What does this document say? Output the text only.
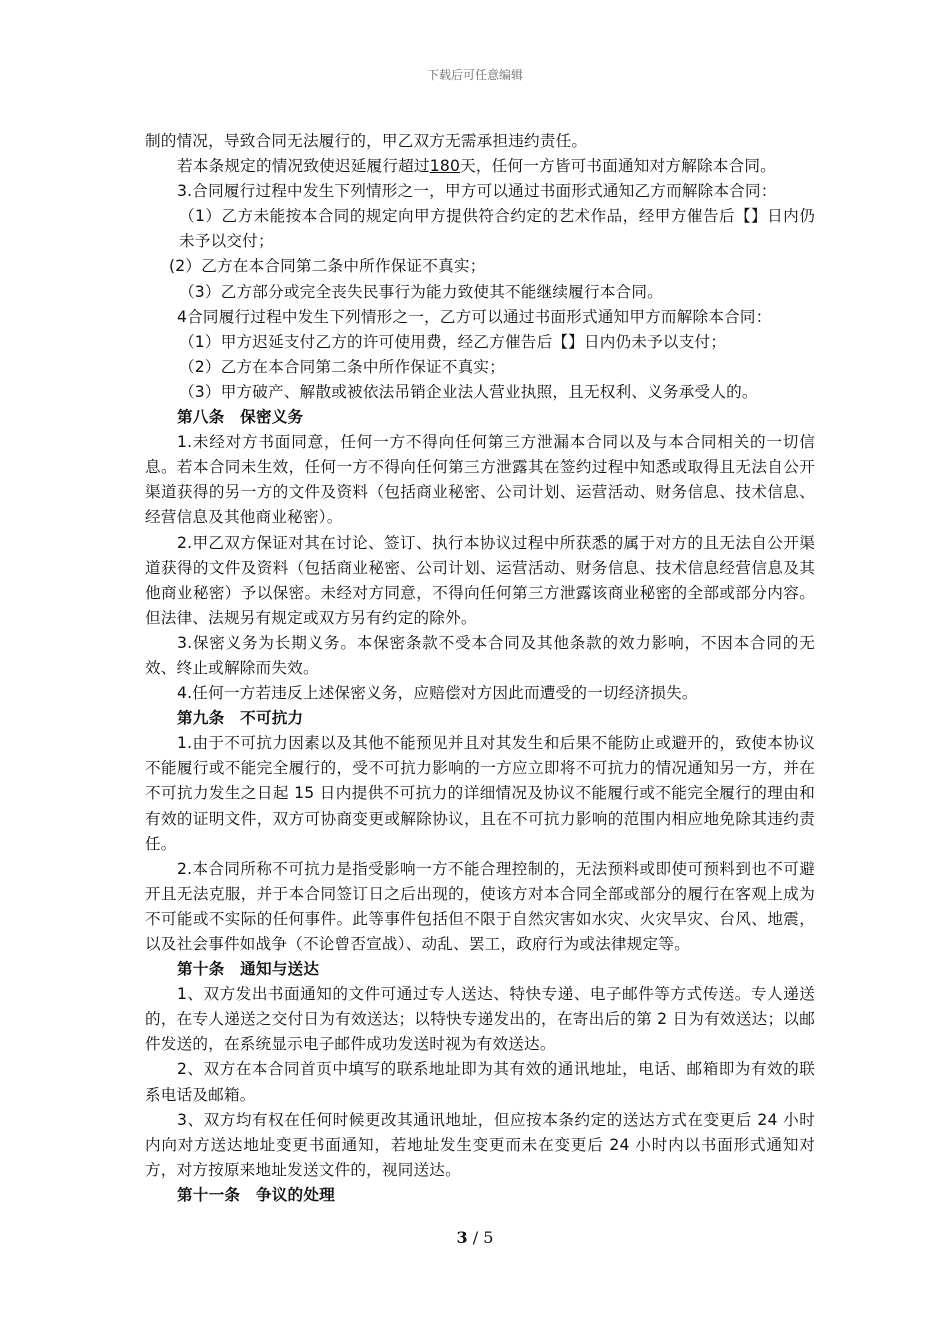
下载后可任意编辑

制的情况，导致合同无法履行的，甲乙双方无需承担违约责任。

若本条规定的情况致使迟延履行超过180天，任何一方皆可书面通知对方解除本合同。

3.合同履行过程中发生下列情形之一，甲方可以通过书面形式通知乙方而解除本合同：

（1）乙方未能按本合同的规定向甲方提供符合约定的艺术作品，经甲方催告后【】日内仍未予以交付；

(2）乙方在本合同第二条中所作保证不真实；

（3）乙方部分或完全丧失民事行为能力致使其不能继续履行本合同。

4合同履行过程中发生下列情形之一，乙方可以通过书面形式通知甲方而解除本合同：

（1）甲方迟延支付乙方的许可使用费，经乙方催告后【】日内仍未予以支付；

（2）乙方在本合同第二条中所作保证不真实；

（3）甲方破产、解散或被依法吊销企业法人营业执照，且无权利、义务承受人的。

第八条　保密义务

1.未经对方书面同意，任何一方不得向任何第三方泄漏本合同以及与本合同相关的一切信息。若本合同未生效，任何一方不得向任何第三方泄露其在签约过程中知悉或取得且无法自公开渠道获得的另一方的文件及资料（包括商业秘密、公司计划、运营活动、财务信息、技术信息、经营信息及其他商业秘密）。

2.甲乙双方保证对其在讨论、签订、执行本协议过程中所获悉的属于对方的且无法自公开渠道获得的文件及资料（包括商业秘密、公司计划、运营活动、财务信息、技术信息经营信息及其他商业秘密）予以保密。未经对方同意，不得向任何第三方泄露该商业秘密的全部或部分内容。但法律、法规另有规定或双方另有约定的除外。

3.保密义务为长期义务。本保密条款不受本合同及其他条款的效力影响，不因本合同的无效、终止或解除而失效。

4.任何一方若违反上述保密义务，应赔偿对方因此而遭受的一切经济损失。

第九条　不可抗力

1.由于不可抗力因素以及其他不能预见并且对其发生和后果不能防止或避开的，致使本协议不能履行或不能完全履行的，受不可抗力影响的一方应立即将不可抗力的情况通知另一方，并在不可抗力发生之日起 15 日内提供不可抗力的详细情况及协议不能履行或不能完全履行的理由和有效的证明文件，双方可协商变更或解除协议，且在不可抗力影响的范围内相应地免除其违约责任。

2.本合同所称不可抗力是指受影响一方不能合理控制的，无法预料或即使可预料到也不可避开且无法克服，并于本合同签订日之后出现的，使该方对本合同全部或部分的履行在客观上成为不可能或不实际的任何事件。此等事件包括但不限于自然灾害如水灾、火灾旱灾、台风、地震，以及社会事件如战争（不论曾否宣战）、动乱、罢工，政府行为或法律规定等。

第十条　通知与送达

1、双方发出书面通知的文件可通过专人送达、特快专递、电子邮件等方式传送。专人递送的，在专人递送之交付日为有效送达；以特快专递发出的，在寄出后的第 2 日为有效送达；以邮件发送的，在系统显示电子邮件成功发送时视为有效送达。

2、双方在本合同首页中填写的联系地址即为其有效的通讯地址，电话、邮箱即为有效的联系电话及邮箱。

3、双方均有权在任何时候更改其通讯地址，但应按本条约定的送达方式在变更后 24 小时内向对方送达地址变更书面通知，若地址发生变更而未在变更后 24 小时内以书面形式通知对方，对方按原来地址发送文件的，视同送达。

第十一条　争议的处理

3 / 5
